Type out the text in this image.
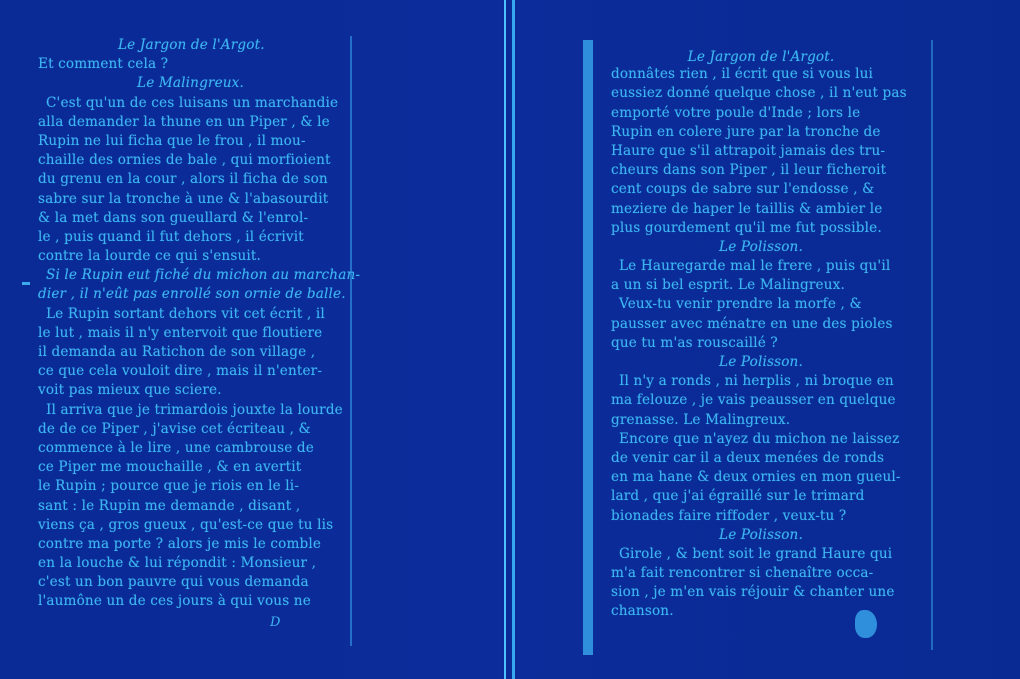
Le Jargon de l'Argot.
Et comment cela ?
Le Malingreux.
C'est qu'un de ces luisans un marchandie
alla demander la thune en un Piper , & le
Rupin ne lui ficha que le frou , il mou-
chaille des ornies de bale , qui morfioient
du grenu en la cour , alors il ficha de son
sabre sur la tronche à une & l'abasourdit
& la met dans son gueullard & l'enrol-
le , puis quand il fut dehors , il écrivit
contre la lourde ce qui s'ensuit.
Si le Rupin eut fiché du michon au marchan-
dier , il n'eût pas enrollé son ornie de balle.
Le Rupin sortant dehors vit cet écrit , il
le lut , mais il n'y entervoit que floutiere
il demanda au Ratichon de son village ,
ce que cela vouloit dire , mais il n'enter-
voit pas mieux que sciere.
Il arriva que je trimardois jouxte la lourde
de de ce Piper , j'avise cet écriteau , &
commence à le lire , une cambrouse de
ce Piper me mouchaille , & en avertit
le Rupin ; pource que je riois en le li-
sant : le Rupin me demande , disant ,
viens ça , gros gueux , qu'est-ce que tu lis
contre ma porte ? alors je mis le comble
en la louche & lui répondit : Monsieur ,
c'est un bon pauvre qui vous demanda
l'aumône un de ces jours à qui vous ne
D
Le Jargon de l'Argot.
donnâtes rien , il écrit que si vous lui
eussiez donné quelque chose , il n'eut pas
emporté votre poule d'Inde ; lors le
Rupin en colere jure par la tronche de
Haure que s'il attrapoit jamais des tru-
cheurs dans son Piper , il leur ficheroit
cent coups de sabre sur l'endosse , &
meziere de haper le taillis & ambier le
plus gourdement qu'il me fut possible.
Le Polisson.
Le Hauregarde mal le frere , puis qu'il
a un si bel esprit. Le Malingreux.
Veux-tu venir prendre la morfe , &
pausser avec ménatre en une des pioles
que tu m'as rouscaillé ?
Le Polisson.
Il n'y a ronds , ni herplis , ni broque en
ma felouze , je vais peausser en quelque
grenasse. Le Malingreux.
Encore que n'ayez du michon ne laissez
de venir car il a deux menées de ronds
en ma hane & deux ornies en mon gueul-
lard , que j'ai égraillé sur le trimard
bionades faire riffoder , veux-tu ?
Le Polisson.
Girole , & bent soit le grand Haure qui
m'a fait rencontrer si chenaître occa-
sion , je m'en vais réjouir & chanter une
chanson.
